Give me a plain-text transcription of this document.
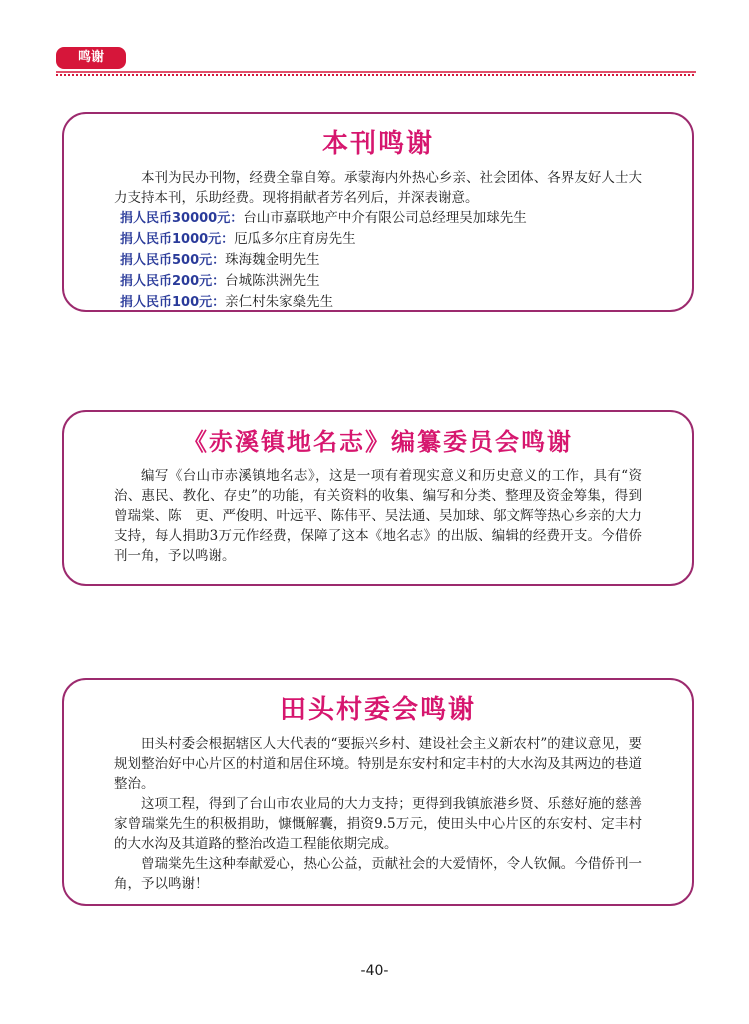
鸣谢
本刊鸣谢

本刊为民办刊物，经费全靠自筹。承蒙海内外热心乡亲、社会团体、各界友好人士大力支持本刊，乐助经费。现将捐献者芳名列后，并深表谢意。

捐人民币30000元：台山市嘉联地产中介有限公司总经理吴加球先生
捐人民币1000元：厄瓜多尔庄育房先生
捐人民币500元：珠海魏金明先生
捐人民币200元：台城陈洪洲先生
捐人民币100元：亲仁村朱家燊先生
《赤溪镇地名志》编纂委员会鸣谢

编写《台山市赤溪镇地名志》，这是一项有着现实意义和历史意义的工作，具有“资治、惠民、教化、存史”的功能，有关资料的收集、编写和分类、整理及资金筹集，得到曾瑞棠、陈　更、严俊明、叶远平、陈伟平、吴法通、吴加球、邬文辉等热心乡亲的大力支持，每人捐助3万元作经费，保障了这本《地名志》的出版、编辑的经费开支。今借侨刊一角，予以鸣谢。

田头村委会鸣谢

田头村委会根据辖区人大代表的“要振兴乡村、建设社会主义新农村”的建议意见，要规划整治好中心片区的村道和居住环境。特别是东安村和定丰村的大水沟及其两边的巷道整治。

这项工程，得到了台山市农业局的大力支持；更得到我镇旅港乡贤、乐慈好施的慈善家曾瑞棠先生的积极捐助，慷慨解囊，捐资9.5万元，使田头中心片区的东安村、定丰村的大水沟及其道路的整治改造工程能依期完成。

曾瑞棠先生这种奉献爱心，热心公益，贡献社会的大爱情怀，令人钦佩。今借侨刊一角，予以鸣谢！

-40-
